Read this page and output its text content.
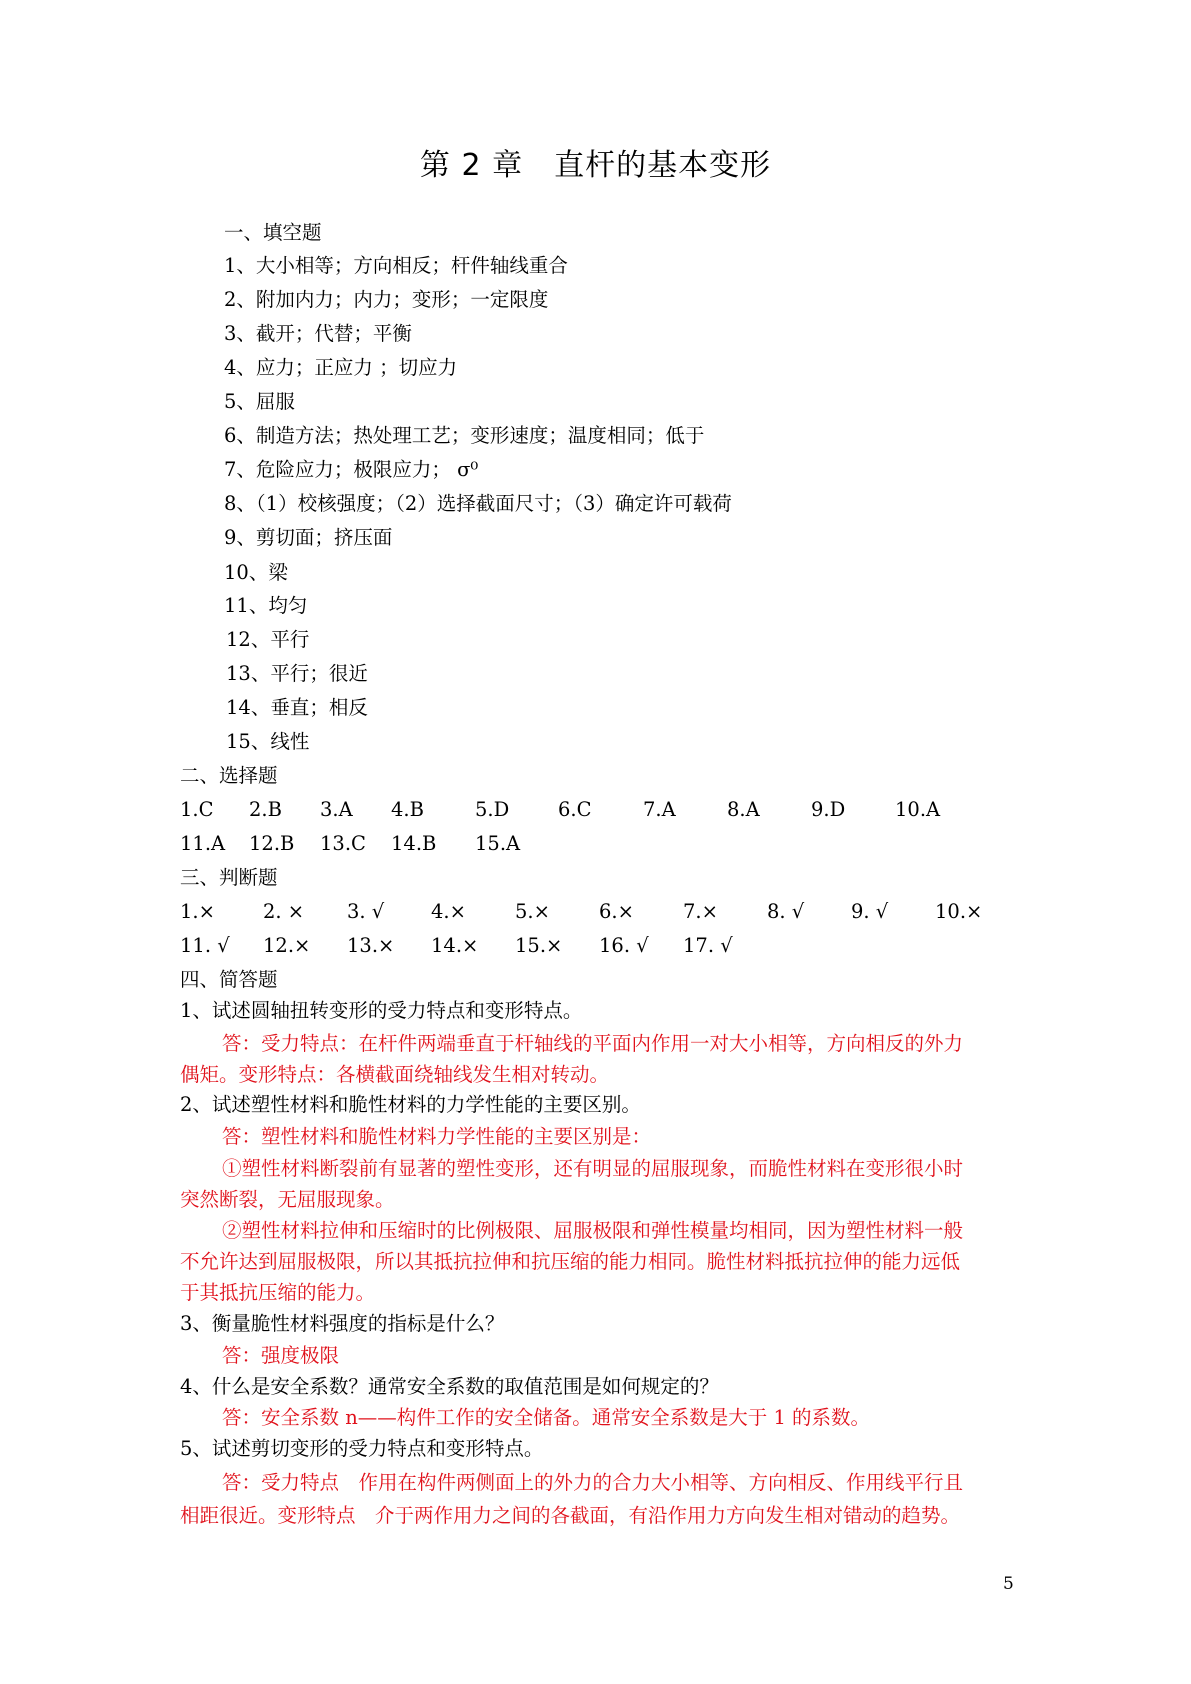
第 2 章　直杆的基本变形
一、填空题
1、大小相等；方向相反；杆件轴线重合
2、附加内力；内力；变形；一定限度
3、截开；代替；平衡
4、应力；正应力 ；切应力
5、屈服
6、制造方法；热处理工艺；变形速度；温度相同；低于
7、危险应力；极限应力； σ⁰
8、（1）校核强度；（2）选择截面尺寸；（3）确定许可载荷
9、剪切面；挤压面
10、梁
11、均匀
12、平行
13、平行；很近
14、垂直；相反
15、线性
二、选择题
1.C 2.B 3.A 4.B	5.D	6.C	7.A	8.A	9.D	10.A
11.A 12.B 13.C 14.B 15.A
三、判断题
1.× 2. × 3. √ 4.×	5.×	6.×	7.×	8. √ 9. √ 10.×
11. √ 12.× 13.× 14.× 15.× 16. √ 17. √
四、简答题
1、试述圆轴扭转变形的受力特点和变形特点。
答：受力特点：在杆件两端垂直于杆轴线的平面内作用一对大小相等，方向相反的外力
偶矩。变形特点：各横截面绕轴线发生相对转动。
2、试述塑性材料和脆性材料的力学性能的主要区别。
答：塑性材料和脆性材料力学性能的主要区别是：
①塑性材料断裂前有显著的塑性变形，还有明显的屈服现象，而脆性材料在变形很小时
突然断裂，无屈服现象。
②塑性材料拉伸和压缩时的比例极限、屈服极限和弹性模量均相同，因为塑性材料一般
不允许达到屈服极限，所以其抵抗拉伸和抗压缩的能力相同。脆性材料抵抗拉伸的能力远低
于其抵抗压缩的能力。
3、衡量脆性材料强度的指标是什么？
答：强度极限
4、什么是安全系数？通常安全系数的取值范围是如何规定的？
答：安全系数 n——构件工作的安全储备。通常安全系数是大于 1 的系数。
5、试述剪切变形的受力特点和变形特点。
答：受力特点　作用在构件两侧面上的外力的合力大小相等、方向相反、作用线平行且
相距很近。变形特点　介于两作用力之间的各截面，有沿作用力方向发生相对错动的趋势。
5
